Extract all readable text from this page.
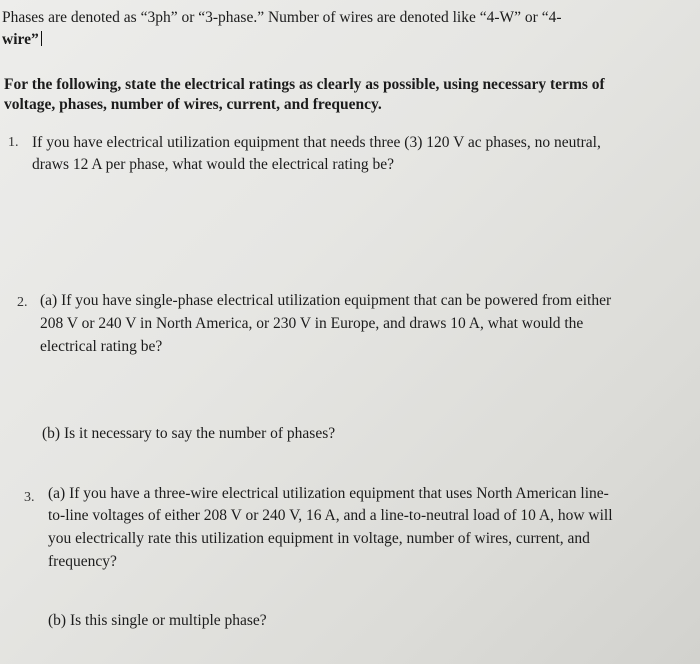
Phases are denoted as “3ph” or “3-phase.” Number of wires are denoted like “4-W” or “4-
wire”
For the following, state the electrical ratings as clearly as possible, using necessary terms of
voltage, phases, number of wires, current, and frequency.
1. If you have electrical utilization equipment that needs three (3) 120 V ac phases, no neutral,
draws 12 A per phase, what would the electrical rating be?
2. (a) If you have single-phase electrical utilization equipment that can be powered from either
208 V or 240 V in North America, or 230 V in Europe, and draws 10 A, what would the
electrical rating be?
(b) Is it necessary to say the number of phases?
3. (a) If you have a three-wire electrical utilization equipment that uses North American line-
to-line voltages of either 208 V or 240 V, 16 A, and a line-to-neutral load of 10 A, how will
you electrically rate this utilization equipment in voltage, number of wires, current, and
frequency?
(b) Is this single or multiple phase?
